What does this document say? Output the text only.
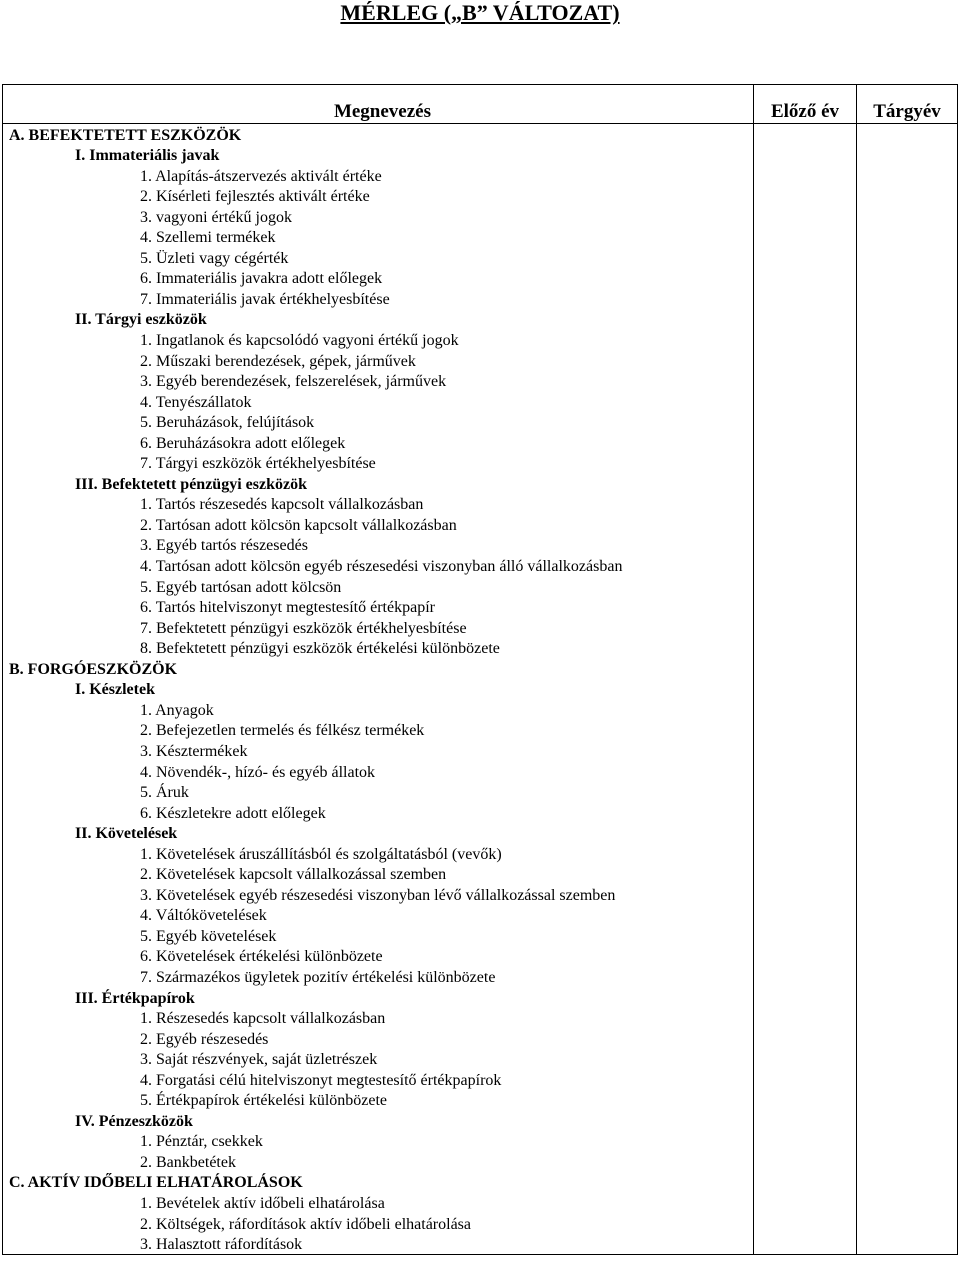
MÉRLEG („B” VÁLTOZAT)
Megnevezés	Előző év	Tárgyév
A. BEFEKTETETT ESZKÖZÖK		
I. Immateriális javak		
1. Alapítás-átszervezés aktivált értéke		
2. Kísérleti fejlesztés aktivált értéke		
3. vagyoni értékű jogok		
4. Szellemi termékek		
5. Üzleti vagy cégérték		
6. Immateriális javakra adott előlegek		
7. Immateriális javak értékhelyesbítése		
II. Tárgyi eszközök		
1. Ingatlanok és kapcsolódó vagyoni értékű jogok		
2. Műszaki berendezések, gépek, járművek		
3. Egyéb berendezések, felszerelések, járművek		
4. Tenyészállatok		
5. Beruházások, felújítások		
6. Beruházásokra adott előlegek		
7. Tárgyi eszközök értékhelyesbítése		
III. Befektetett pénzügyi eszközök		
1. Tartós részesedés kapcsolt vállalkozásban		
2. Tartósan adott kölcsön kapcsolt vállalkozásban		
3. Egyéb tartós részesedés		
4. Tartósan adott kölcsön egyéb részesedési viszonyban álló vállalkozásban		
5. Egyéb tartósan adott kölcsön		
6. Tartós hitelviszonyt megtestesítő értékpapír		
7. Befektetett pénzügyi eszközök értékhelyesbítése		
8. Befektetett pénzügyi eszközök értékelési különbözete		
B. FORGÓESZKÖZÖK		
I. Készletek		
1. Anyagok		
2. Befejezetlen termelés és félkész termékek		
3. Késztermékek		
4. Növendék-, hízó- és egyéb állatok		
5. Áruk		
6. Készletekre adott előlegek		
II. Követelések		
1. Követelések áruszállításból és szolgáltatásból (vevők)		
2. Követelések kapcsolt vállalkozással szemben		
3. Követelések egyéb részesedési viszonyban lévő vállalkozással szemben		
4. Váltókövetelések		
5. Egyéb követelések		
6. Követelések értékelési különbözete		
7. Származékos ügyletek pozitív értékelési különbözete		
III. Értékpapírok		
1. Részesedés kapcsolt vállalkozásban		
2. Egyéb részesedés		
3. Saját részvények, saját üzletrészek		
4. Forgatási célú hitelviszonyt megtestesítő értékpapírok		
5. Értékpapírok értékelési különbözete		
IV. Pénzeszközök		
1. Pénztár, csekkek		
2. Bankbetétek		
C. AKTÍV IDŐBELI ELHATÁROLÁSOK		
1. Bevételek aktív időbeli elhatárolása		
2. Költségek, ráfordítások aktív időbeli elhatárolása		
3. Halasztott ráfordítások		
